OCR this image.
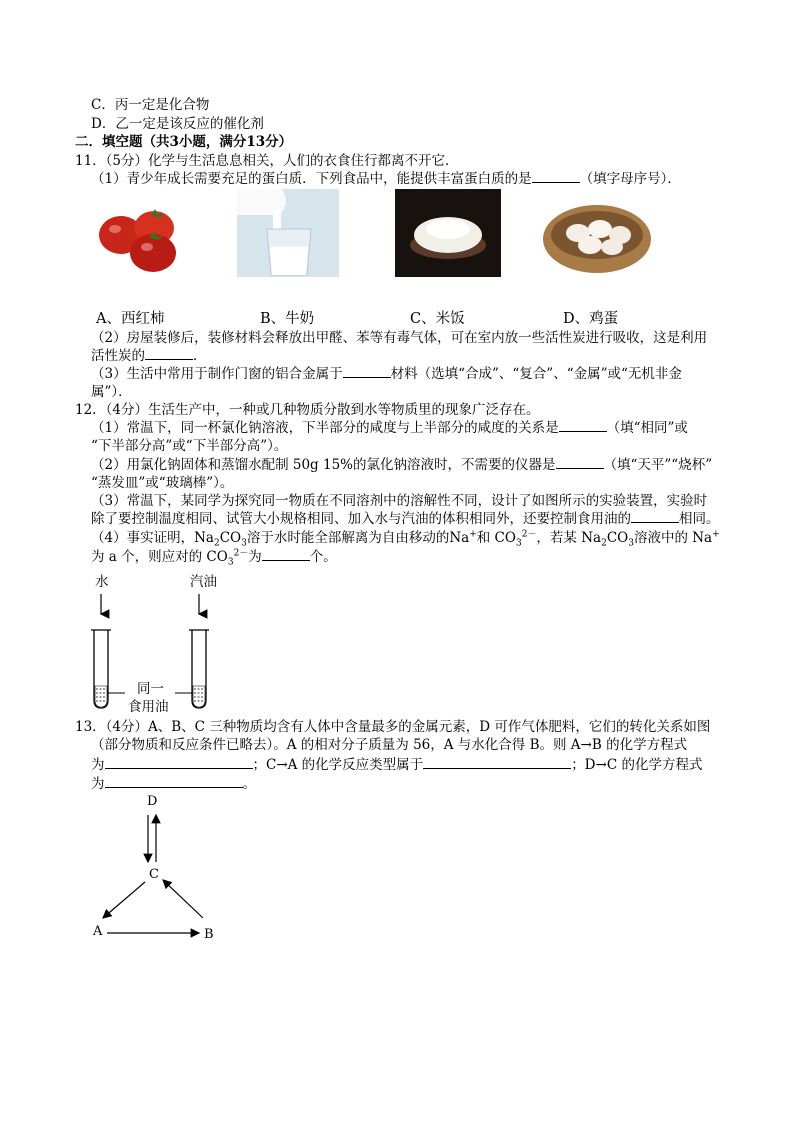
C．丙一定是化合物
D．乙一定是该反应的催化剂
二．填空题（共3小题，满分13分）
11．（5分）化学与生活息息相关，人们的衣食住行都离不开它．
（1）青少年成长需要充足的蛋白质．下列食品中，能提供丰富蛋白质的是	（填字母序号）．
A、西红柿	B、牛奶	C、米饭	D、鸡蛋
（2）房屋装修后，装修材料会释放出甲醛、苯等有毒气体，可在室内放一些活性炭进行吸收，这是利用
活性炭的	．
（3）生活中常用于制作门窗的铝合金属于	材料（选填“合成”、“复合”、“金属”或“无机非金
属”）．
12．（4分）生活生产中，一种或几种物质分散到水等物质里的现象广泛存在。
（1）常温下，同一杯氯化钠溶液，下半部分的咸度与上半部分的咸度的关系是	（填“相同”或
“下半部分高”或“下半部分高”）。
（2）用氯化钠固体和蒸馏水配制 50g 15%的氯化钠溶液时，不需要的仪器是	（填“天平”“烧杯”
“蒸发皿”或“玻璃棒”）。
（3）常温下，某同学为探究同一物质在不同溶剂中的溶解性不同，设计了如图所示的实验装置，实验时
除了要控制温度相同、试管大小规格相同、加入水与汽油的体积相同外，还要控制食用油的	相同。
（4）事实证明，$Na_2CO_3$溶于水时能全部解离为自由移动的Na+和 $CO_3^{2-}$，若某 $Na_2CO_3$溶液中的 Na+
为 a 个，则应对的 $CO_3^{2-}$为	个。
水	汽油
同一
食用油
13．（4分）A、B、C 三种物质均含有人体中含量最多的金属元素，D 可作气体肥料，它们的转化关系如图
（部分物质和反应条件已略去）。A 的相对分子质量为 56，A 与水化合得 B。则 A→B 的化学方程式
为	；C→A 的化学反应类型属于	；D→C 的化学方程式
为	。
D
C
A	B
